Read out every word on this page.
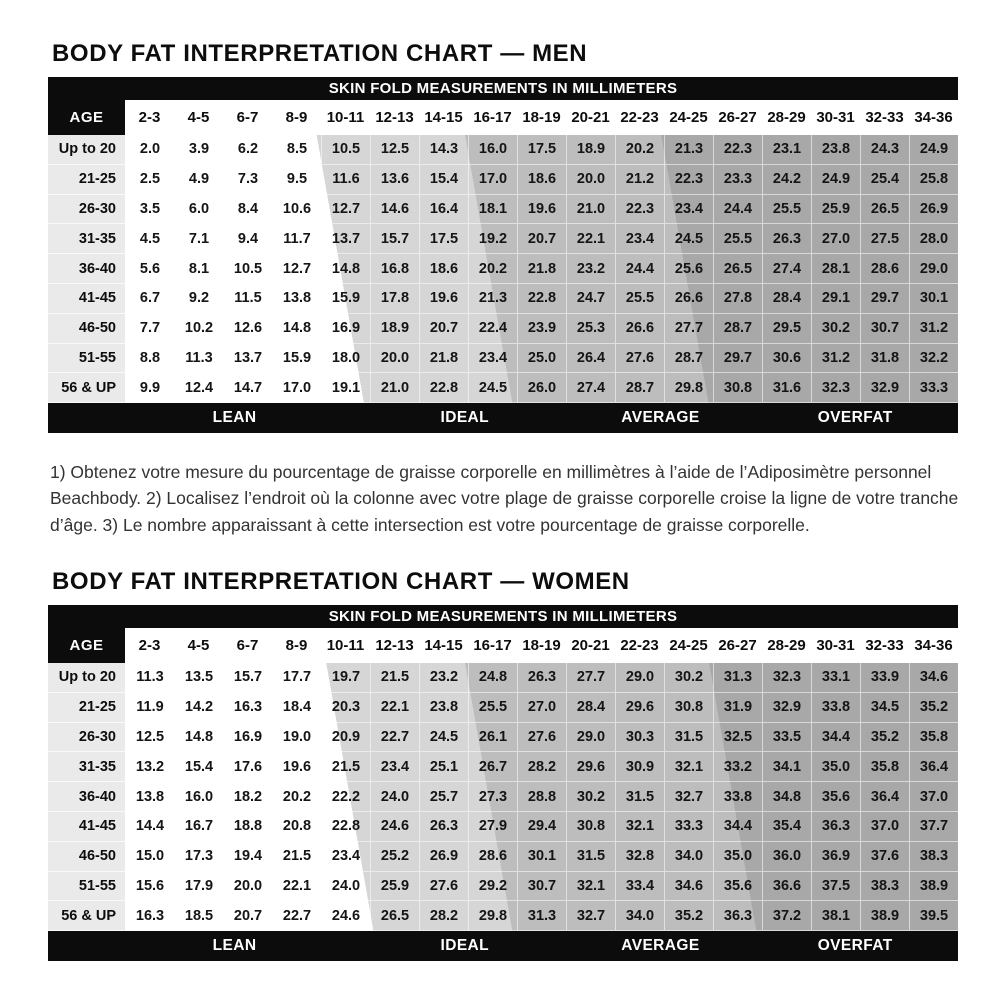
BODY FAT INTERPRETATION CHART — MEN
SKIN FOLD MEASUREMENTS IN MILLIMETERS
AGE	2-3	4-5	6-7	8-9	10-11 12-13 14-15 16-17 18-19 20-21 22-23 24-25 26-27 28-29 30-31 32-33 34-36
Up to 20	2.0	3.9	6.2	8.5	10.5	12.5	14.3	16.0	17.5	18.9	20.2	21.3	22.3	23.1	23.8	24.3	24.9
21-25	2.5	4.9	7.3	9.5	11.6	13.6	15.4	17.0	18.6	20.0	21.2	22.3	23.3	24.2	24.9	25.4	25.8
26-30	3.5	6.0	8.4	10.6	12.7	14.6	16.4	18.1	19.6	21.0	22.3	23.4	24.4	25.5	25.9	26.5	26.9
31-35	4.5	7.1	9.4	11.7	13.7	15.7	17.5	19.2	20.7	22.1	23.4	24.5	25.5	26.3	27.0	27.5	28.0
36-40	5.6	8.1	10.5	12.7	14.8	16.8	18.6	20.2	21.8	23.2	24.4	25.6	26.5	27.4	28.1	28.6	29.0
41-45	6.7	9.2	11.5	13.8	15.9	17.8	19.6	21.3	22.8	24.7	25.5	26.6	27.8	28.4	29.1	29.7	30.1
46-50	7.7	10.2	12.6	14.8	16.9	18.9	20.7	22.4	23.9	25.3	26.6	27.7	28.7	29.5	30.2	30.7	31.2
51-55	8.8	11.3	13.7	15.9	18.0	20.0	21.8	23.4	25.0	26.4	27.6	28.7	29.7	30.6	31.2	31.8	32.2
56 & UP	9.9	12.4	14.7	17.0	19.1	21.0	22.8	24.5	26.0	27.4	28.7	29.8	30.8	31.6	32.3	32.9	33.3
LEAN	IDEAL	AVERAGE	OVERFAT

1) Obtenez votre mesure du pourcentage de graisse corporelle en millimètres à l’aide de l’Adiposimètre personnel Beachbody. 2) Localisez l’endroit où la colonne avec votre plage de graisse corporelle croise la ligne de votre tranche d’âge. 3) Le nombre apparaissant à cette intersection est votre pourcentage de graisse corporelle.

BODY FAT INTERPRETATION CHART — WOMEN
SKIN FOLD MEASUREMENTS IN MILLIMETERS
AGE	2-3	4-5	6-7	8-9	10-11 12-13 14-15 16-17 18-19 20-21 22-23 24-25 26-27 28-29 30-31 32-33 34-36
Up to 20	11.3	13.5	15.7	17.7	19.7	21.5	23.2	24.8	26.3	27.7	29.0	30.2	31.3	32.3	33.1	33.9	34.6
21-25	11.9	14.2	16.3	18.4	20.3	22.1	23.8	25.5	27.0	28.4	29.6	30.8	31.9	32.9	33.8	34.5	35.2
26-30	12.5	14.8	16.9	19.0	20.9	22.7	24.5	26.1	27.6	29.0	30.3	31.5	32.5	33.5	34.4	35.2	35.8
31-35	13.2	15.4	17.6	19.6	21.5	23.4	25.1	26.7	28.2	29.6	30.9	32.1	33.2	34.1	35.0	35.8	36.4
36-40	13.8	16.0	18.2	20.2	22.2	24.0	25.7	27.3	28.8	30.2	31.5	32.7	33.8	34.8	35.6	36.4	37.0
41-45	14.4	16.7	18.8	20.8	22.8	24.6	26.3	27.9	29.4	30.8	32.1	33.3	34.4	35.4	36.3	37.0	37.7
46-50	15.0	17.3	19.4	21.5	23.4	25.2	26.9	28.6	30.1	31.5	32.8	34.0	35.0	36.0	36.9	37.6	38.3
51-55	15.6	17.9	20.0	22.1	24.0	25.9	27.6	29.2	30.7	32.1	33.4	34.6	35.6	36.6	37.5	38.3	38.9
56 & UP	16.3	18.5	20.7	22.7	24.6	26.5	28.2	29.8	31.3	32.7	34.0	35.2	36.3	37.2	38.1	38.9	39.5
LEAN	IDEAL	AVERAGE	OVERFAT
